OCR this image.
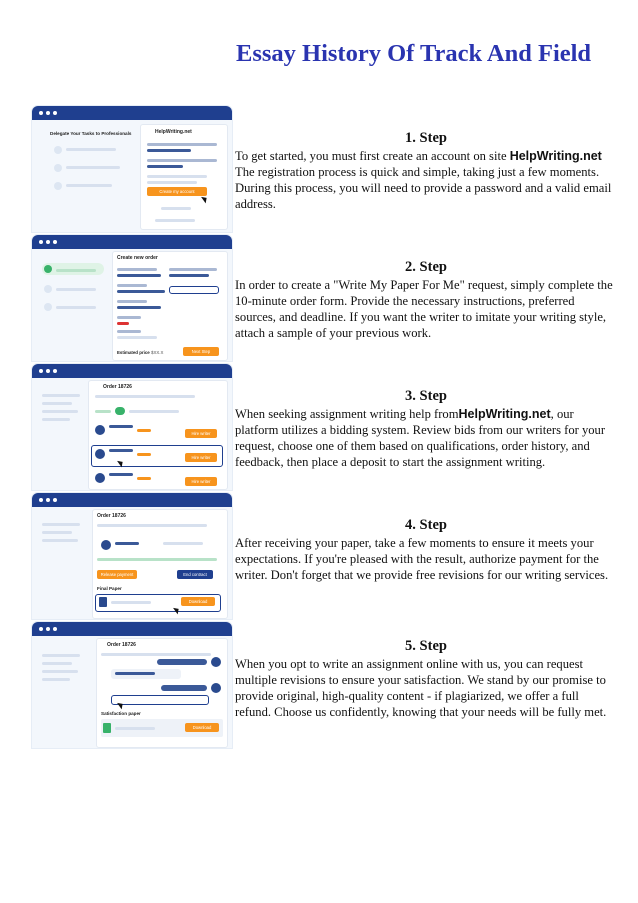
Essay History Of Track And Field
Delegate Your Tasks to Professionals	HelpWriting.net
Create my account
Create new order
Estimated price $XX.X	Next Step
Order 18726
Hire writer
Hire writer
Hire writer
Order 18726
Release payment	End contract
Final Paper
Download
Order 18726
Satisfaction paper
Download
1. Step

To get started, you must first create an account on site HelpWriting.net The registration process is quick and simple, taking just a few moments. During this process, you will need to provide a password and a valid email address.

2. Step

In order to create a "Write My Paper For Me" request, simply complete the 10-minute order form. Provide the necessary instructions, preferred sources, and deadline. If you want the writer to imitate your writing style, attach a sample of your previous work.

3. Step

When seeking assignment writing help fromHelpWriting.net, our platform utilizes a bidding system. Review bids from our writers for your request, choose one of them based on qualifications, order history, and feedback, then place a deposit to start the assignment writing.

4. Step

After receiving your paper, take a few moments to ensure it meets your expectations. If you're pleased with the result, authorize payment for the writer. Don't forget that we provide free revisions for our writing services.

5. Step

When you opt to write an assignment online with us, you can request multiple revisions to ensure your satisfaction. We stand by our promise to provide original, high-quality content - if plagiarized, we offer a full refund. Choose us confidently, knowing that your needs will be fully met.
